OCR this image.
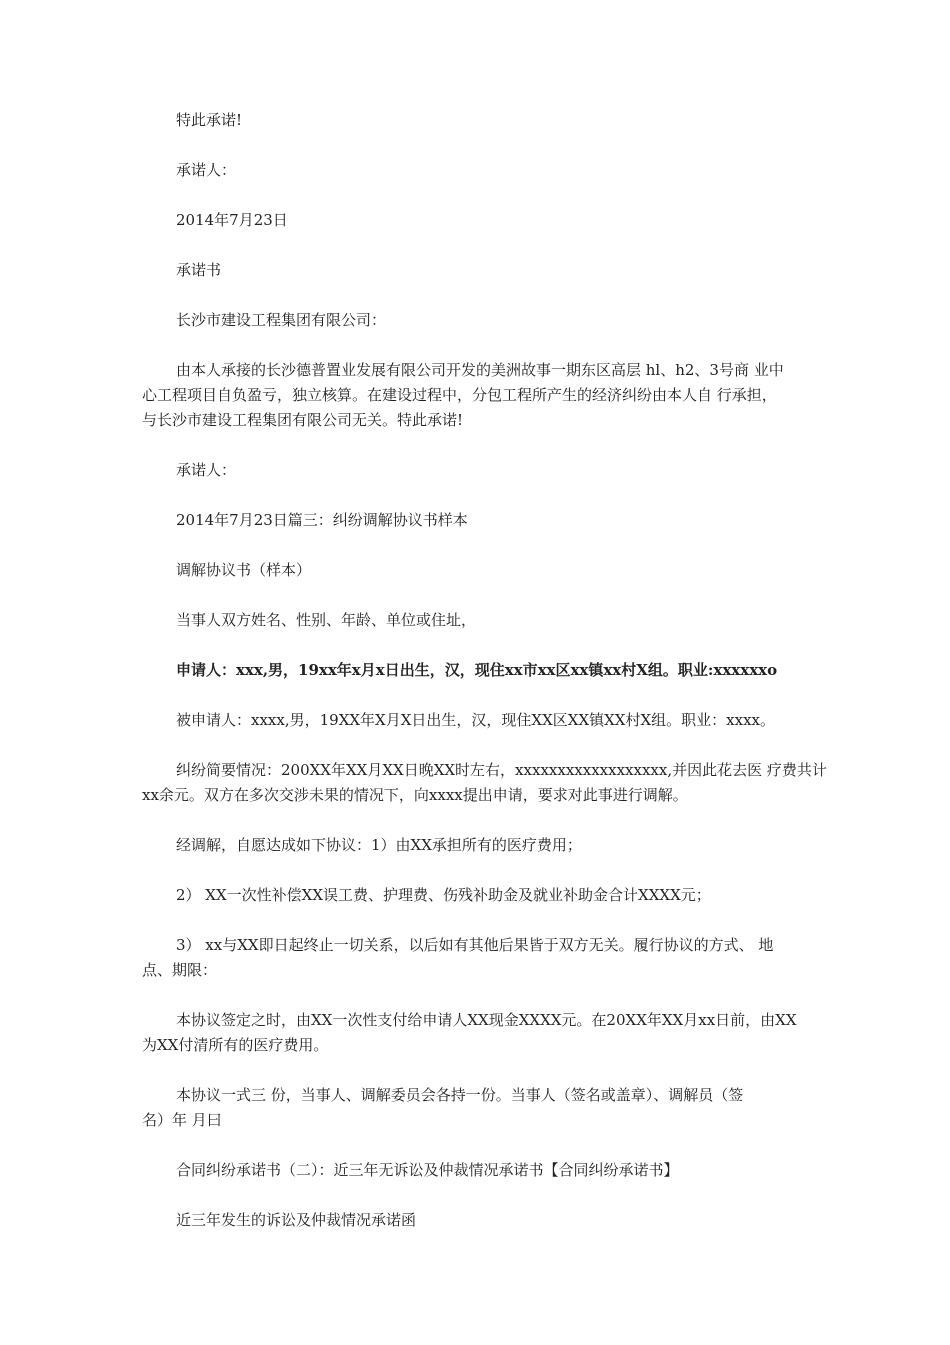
特此承诺!
承诺人：
2014年7月23日
承诺书
长沙市建设工程集团有限公司：
由本人承接的长沙德普置业发展有限公司开发的美洲故事一期东区高层 hl、h2、3号商 业中
心工程项目自负盈亏，独立核算。在建设过程中，分包工程所产生的经济纠纷由本人自 行承担，
与长沙市建设工程集团有限公司无关。特此承诺!
承诺人：
2014年7月23日篇三：纠纷调解协议书样本
调解协议书（样本）
当事人双方姓名、性别、年龄、单位或住址，
申请人：xxx,男，19xx年x月x日出生，汉，现住xx市xx区xx镇xx村X组。职业:xxxxxxo
被申请人：xxxx,男，19XX年X月X日出生，汉，现住XX区XX镇XX村X组。职业：xxxx。
纠纷简要情况：200XX年XX月XX日晚XX时左右，xxxxxxxxxxxxxxxxxx,并因此花去医 疗费共计
xx余元。双方在多次交涉未果的情况下，向xxxx提出申请，要求对此事进行调解。
经调解，自愿达成如下协议：1）由XX承担所有的医疗费用；
2） XX一次性补偿XX误工费、护理费、伤残补助金及就业补助金合计XXXX元；
3） xx与XX即日起终止一切关系，以后如有其他后果皆于双方无关。履行协议的方式、 地
点、期限：
本协议签定之时，由XX一次性支付给申请人XX现金XXXX元。在20XX年XX月xx日前，由XX
为XX付清所有的医疗费用。
本协议一式三 份，当事人、调解委员会各持一份。当事人（签名或盖章）、调解员（签
名）年 月曰
合同纠纷承诺书（二）：近三年无诉讼及仲裁情况承诺书【合同纠纷承诺书】
近三年发生的诉讼及仲裁情况承诺函
